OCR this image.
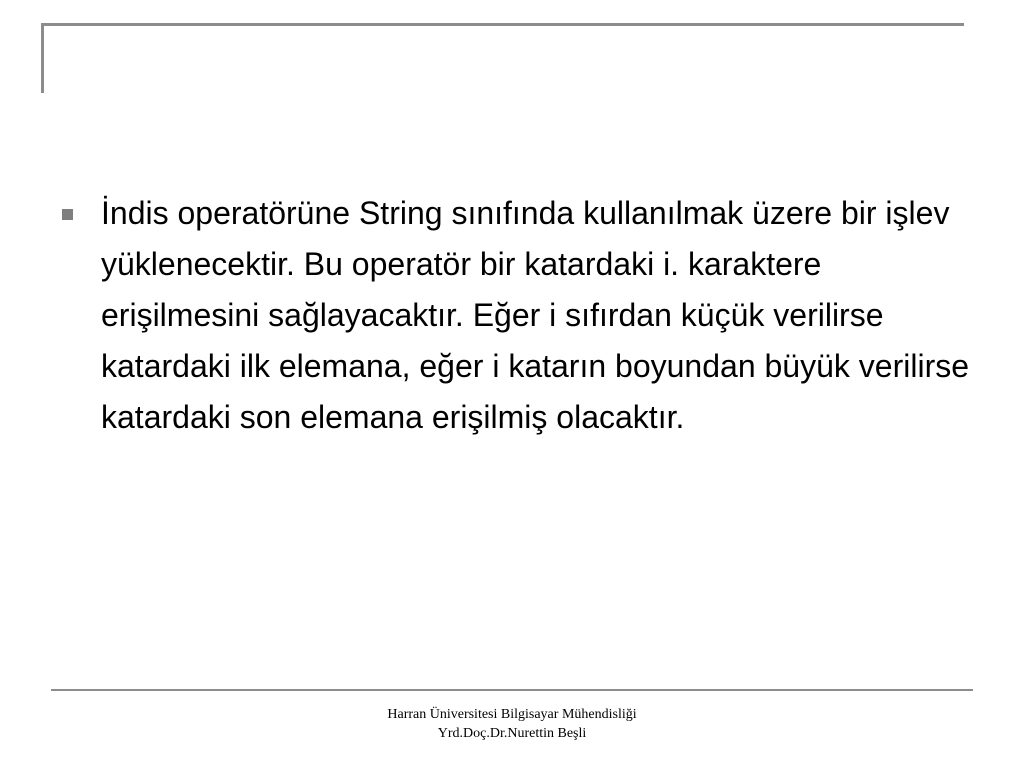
İndis operatörüne String sınıfında kullanılmak üzere bir işlev yüklenecektir. Bu operatör bir katardaki i. karaktere erişilmesini sağlayacaktır. Eğer i sıfırdan küçük verilirse katardaki ilk elemana, eğer i katarın boyundan büyük verilirse katardaki son elemana erişilmiş olacaktır.
Harran Üniversitesi Bilgisayar Mühendisliği
Yrd.Doç.Dr.Nurettin Beşli
